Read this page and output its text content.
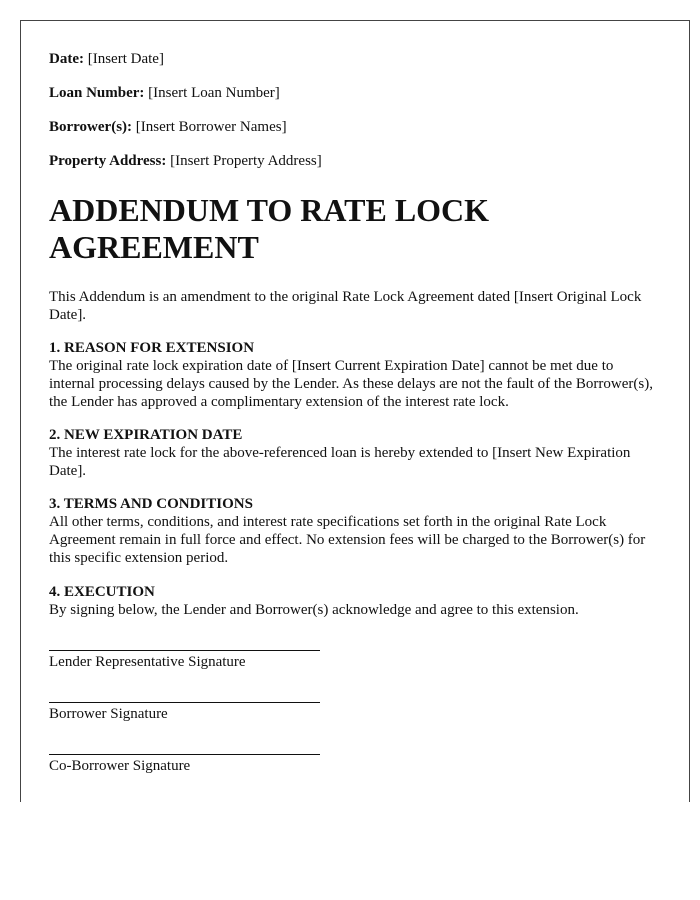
Date: [Insert Date]

Loan Number: [Insert Loan Number]

Borrower(s): [Insert Borrower Names]

Property Address: [Insert Property Address]

ADDENDUM TO RATE LOCK AGREEMENT

This Addendum is an amendment to the original Rate Lock Agreement dated [Insert Original Lock Date].

1. REASON FOR EXTENSION

The original rate lock expiration date of [Insert Current Expiration Date] cannot be met due to internal processing delays caused by the Lender. As these delays are not the fault of the Borrower(s), the Lender has approved a complimentary extension of the interest rate lock.

2. NEW EXPIRATION DATE

The interest rate lock for the above-referenced loan is hereby extended to [Insert New Expiration Date].

3. TERMS AND CONDITIONS

All other terms, conditions, and interest rate specifications set forth in the original Rate Lock Agreement remain in full force and effect. No extension fees will be charged to the Borrower(s) for this specific extension period.

4. EXECUTION

By signing below, the Lender and Borrower(s) acknowledge and agree to this extension.

Lender Representative Signature
Borrower Signature
Co-Borrower Signature
